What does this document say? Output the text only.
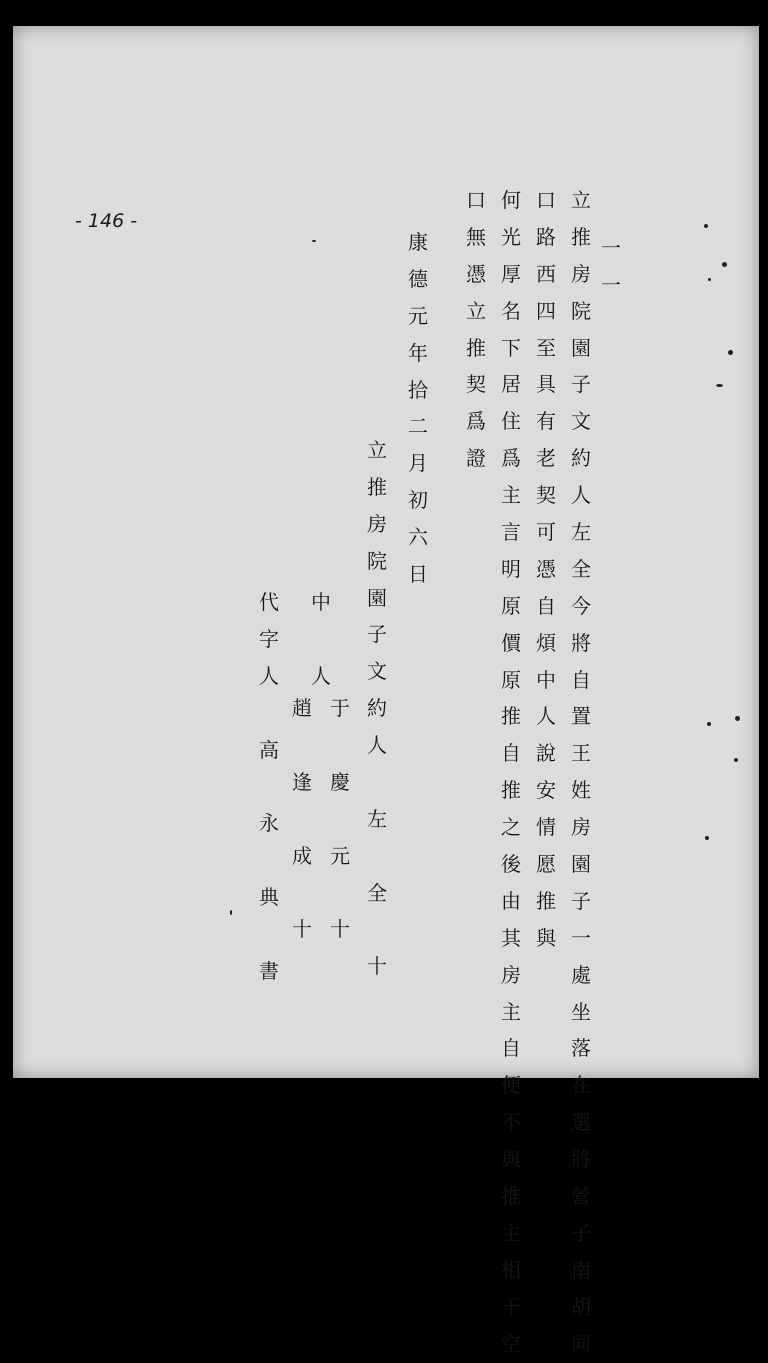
- 146 -
一
一
立
推
房
院
園
子
文
約
人
左
全
今
將
自
置
王
姓
房
園
子
一
處
坐
落
在
選
將
營
子
南
胡
同
口
路
西
四
至
具
有
老
契
可
憑
自
煩
中
人
說
安
情
愿
推
與
何
光
厚
名
下
居
住
爲
主
言
明
原
價
原
推
自
推
之
後
由
其
房
主
自
便
不
與
推
主
相
干
空
口
無
憑
立
推
契
爲
證
康
德
元
年
拾
二
月
初
六
日
立
推
房
院
園
子
文
約
人

左

全

十
于

慶

元

十
中

人
趙

逢

成

十
代
字
人

高

永

典

書
